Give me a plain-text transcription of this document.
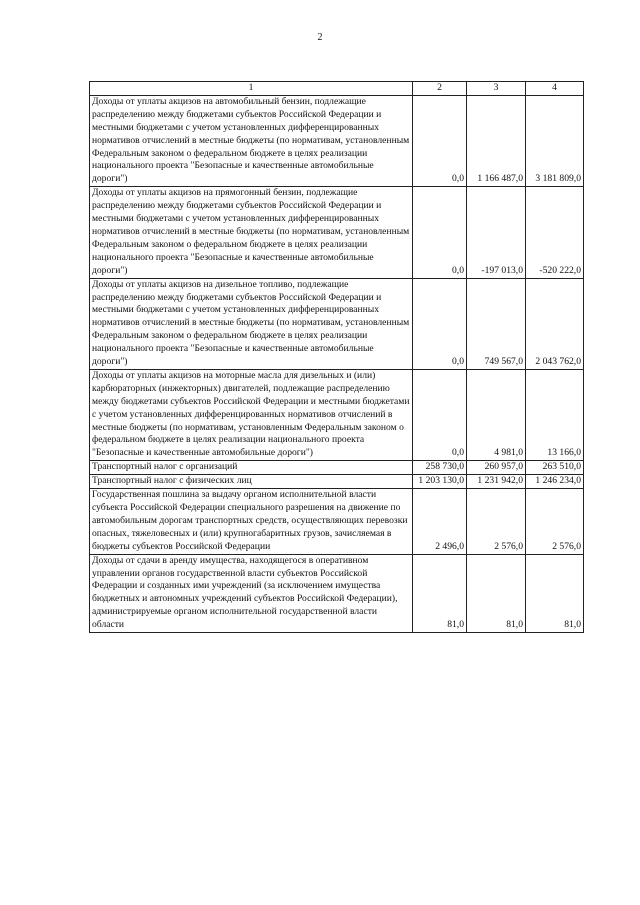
2
1	2	3	4
Доходы от уплаты акцизов на автомобильный бензин, подлежащие распределению между бюджетами субъектов Российской Федерации и местными бюджетами с учетом установленных дифференцированных нормативов отчислений в местные бюджеты (по нормативам, установленным Федеральным законом о федеральном бюджете в целях реализации национального проекта "Безопасные и качественные автомобильные дороги")	0,0	1 166 487,0	3 181 809,0
Доходы от уплаты акцизов на прямогонный бензин, подлежащие распределению между бюджетами субъектов Российской Федерации и местными бюджетами с учетом установленных дифференцированных нормативов отчислений в местные бюджеты (по нормативам, установленным Федеральным законом о федеральном бюджете в целях реализации национального проекта "Безопасные и качественные автомобильные дороги")	0,0	-197 013,0	-520 222,0
Доходы от уплаты акцизов на дизельное топливо, подлежащие распределению между бюджетами субъектов Российской Федерации и местными бюджетами с учетом установленных дифференцированных нормативов отчислений в местные бюджеты (по нормативам, установленным Федеральным законом о федеральном бюджете в целях реализации национального проекта "Безопасные и качественные автомобильные дороги")	0,0	749 567,0	2 043 762,0
Доходы от уплаты акцизов на моторные масла для дизельных и (или) карбюраторных (инжекторных) двигателей, подлежащие распределению между бюджетами субъектов Российской Федерации и местными бюджетами с учетом установленных дифференцированных нормативов отчислений в местные бюджеты (по нормативам, установленным Федеральным законом о федеральном бюджете в целях реализации национального проекта "Безопасные и качественные автомобильные дороги")	0,0	4 981,0	13 166,0
Транспортный налог с организаций	258 730,0	260 957,0	263 510,0
Транспортный налог с физических лиц	1 203 130,0	1 231 942,0	1 246 234,0
Государственная пошлина за выдачу органом исполнительной власти субъекта Российской Федерации специального разрешения на движение по автомобильным дорогам транспортных средств, осуществляющих перевозки опасных, тяжеловесных и (или) крупногабаритных грузов, зачисляемая в бюджеты субъектов Российской Федерации	2 496,0	2 576,0	2 576,0
Доходы от сдачи в аренду имущества, находящегося в оперативном управлении органов государственной власти субъектов Российской Федерации и созданных ими учреждений (за исключением имущества бюджетных и автономных учреждений субъектов Российской Федерации), администрируемые органом исполнительной государственной власти области	81,0	81,0	81,0
